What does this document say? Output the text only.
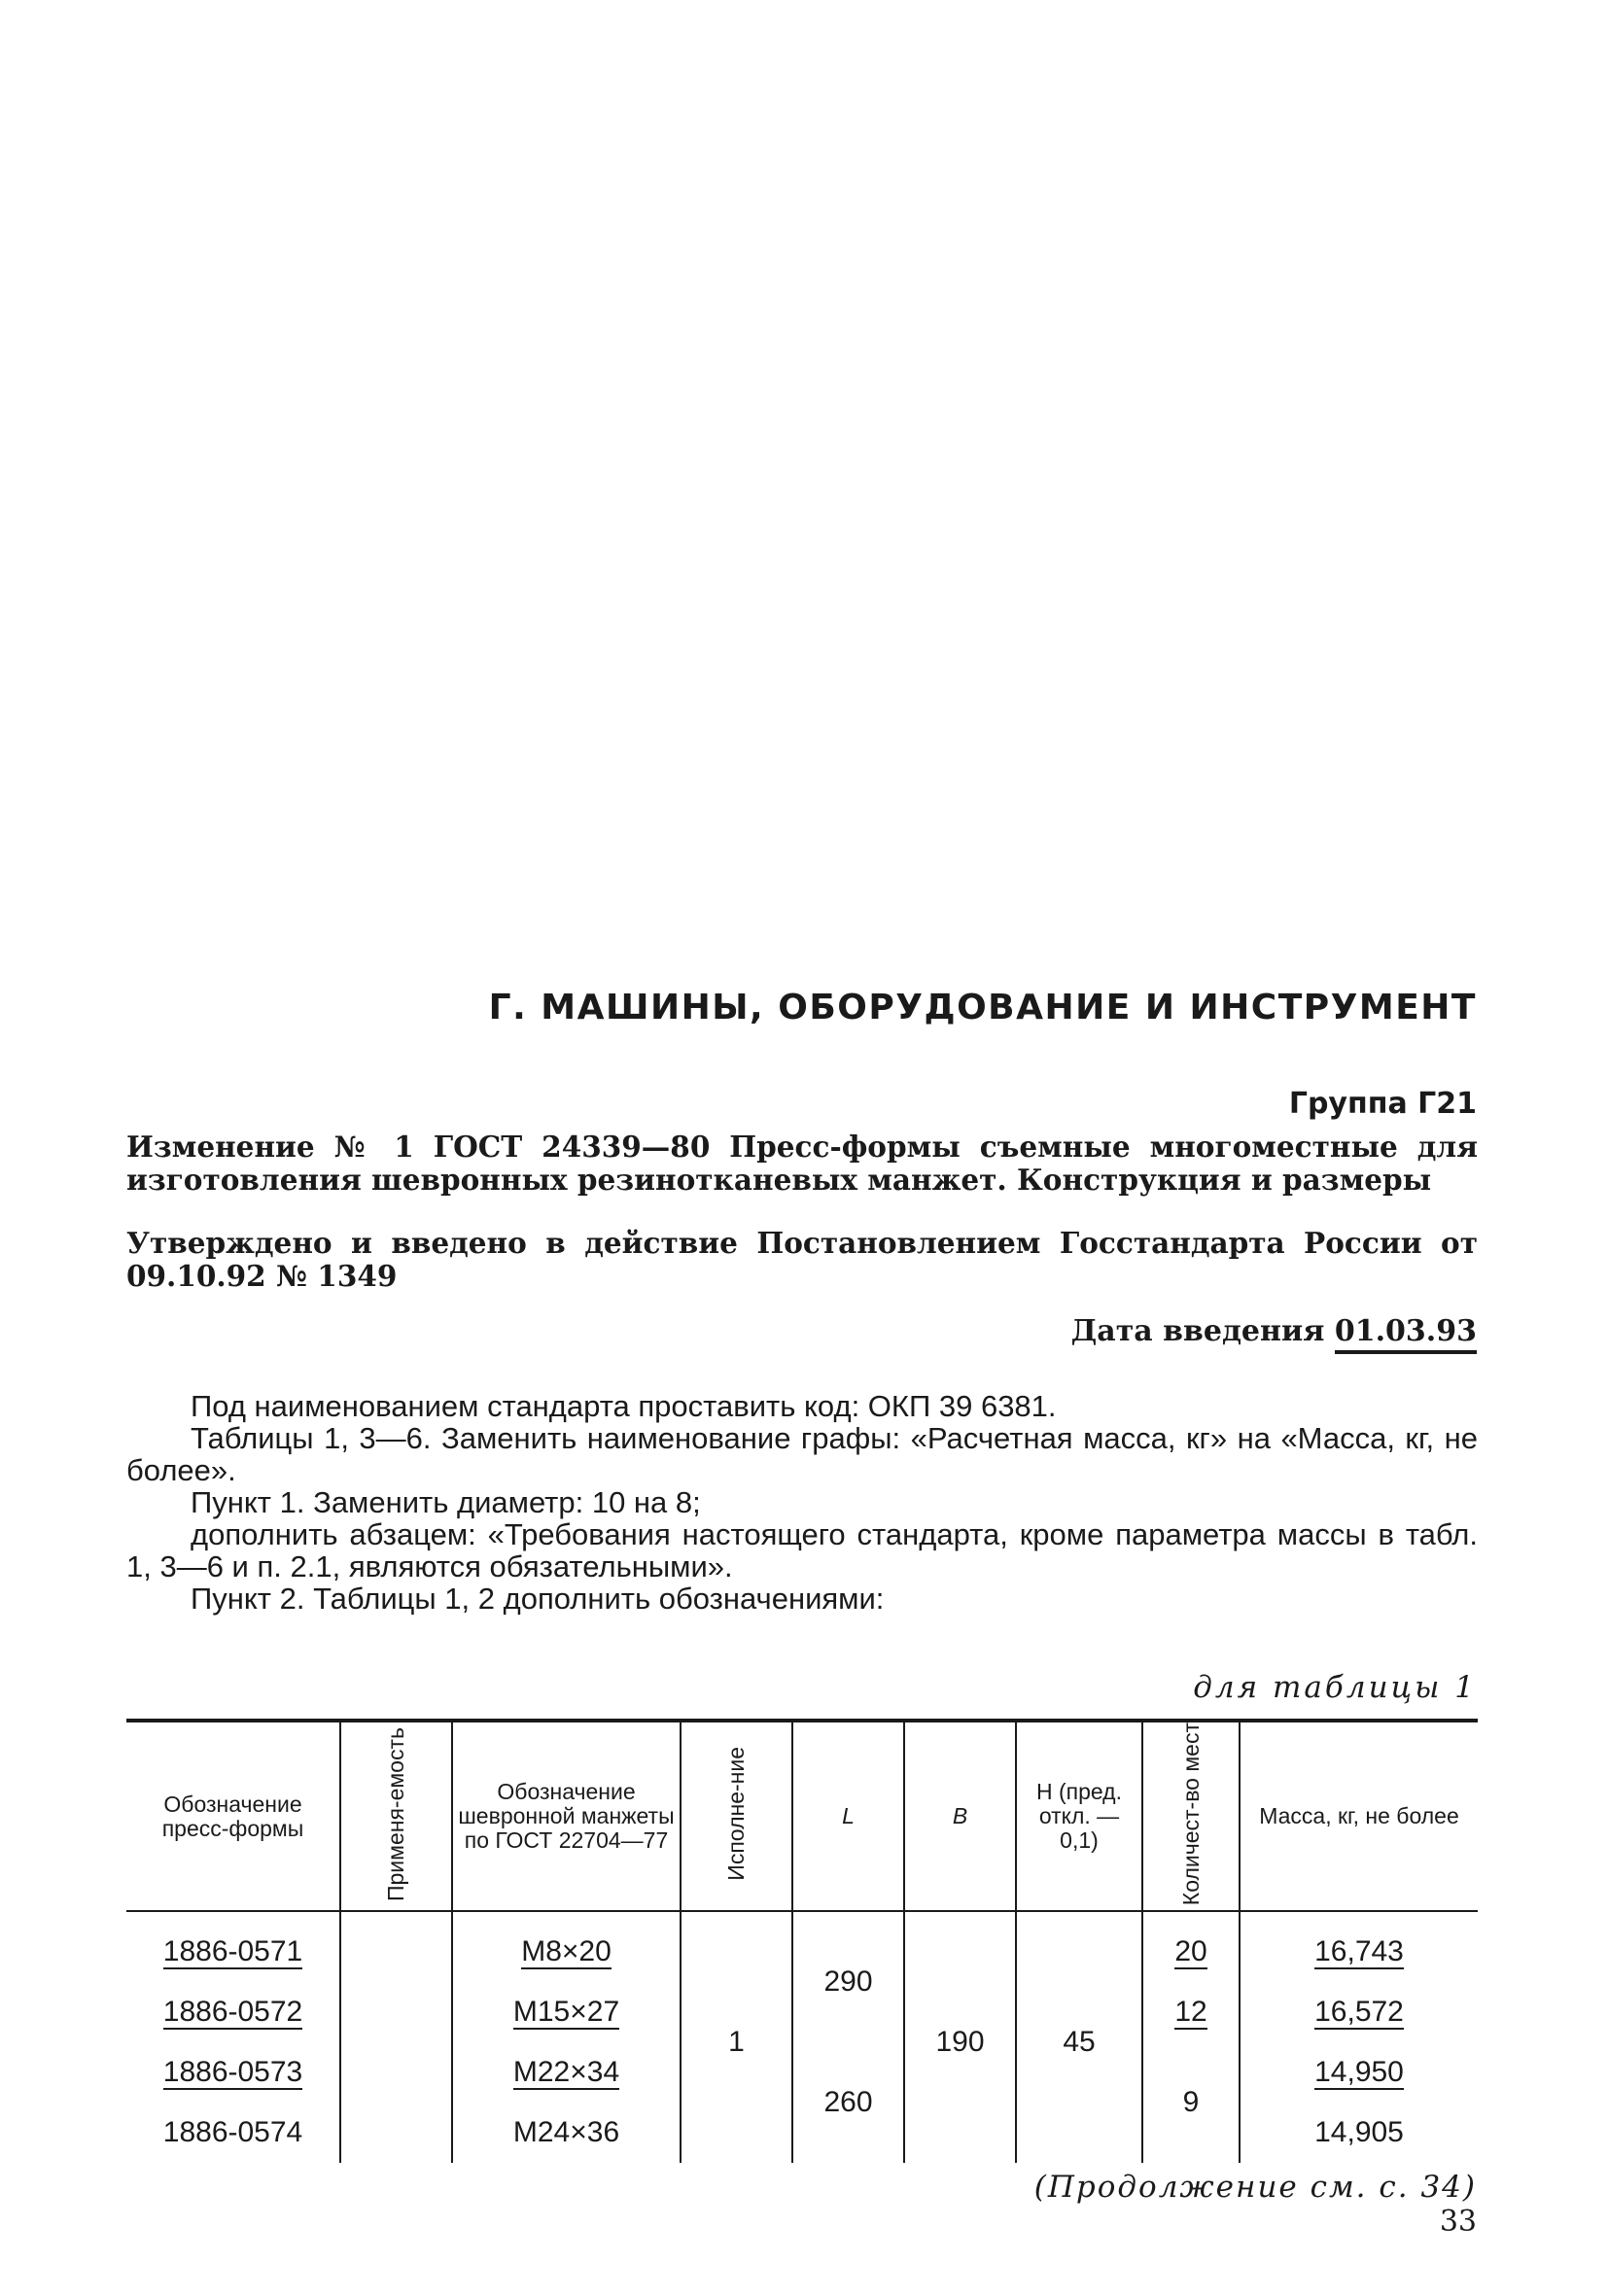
Г. МАШИНЫ, ОБОРУДОВАНИЕ И ИНСТРУМЕНТ
Группа Г21
Изменение № 1 ГОСТ 24339—80 Пресс-формы съемные многоместные для изготовления шевронных резинотканевых манжет. Конструкция и размеры
Утверждено и введено в действие Постановлением Госстандарта России от 09.10.92 № 1349
Дата введения 01.03.93

Под наименованием стандарта проставить код: ОКП 39 6381.

Таблицы 1, 3—6. Заменить наименование графы: «Расчетная масса, кг» на «Масса, кг, не более».

Пункт 1. Заменить диаметр: 10 на 8;

дополнить абзацем: «Требования настоящего стандарта, кроме параметра массы в табл. 1, 3—6 и п. 2.1, являются обязательными».

Пункт 2. Таблицы 1, 2 дополнить обозначениями:

для таблицы 1
Обозначение пресс-формы	Применя-емость	Обозначение шевронной манжеты по ГОСТ 22704—77	Исполне-ние	L	B	H (пред. откл. —0,1)	Количест-во мест	Масса, кг, не более
1886-0571		M8×20	1	290	190	45	20	16,743
1886-0572		M15×27					12	16,572
1886-0573		M22×34		260			9	14,950
1886-0574		M24×36						14,905
(Продолжение см. с. 34)
33
